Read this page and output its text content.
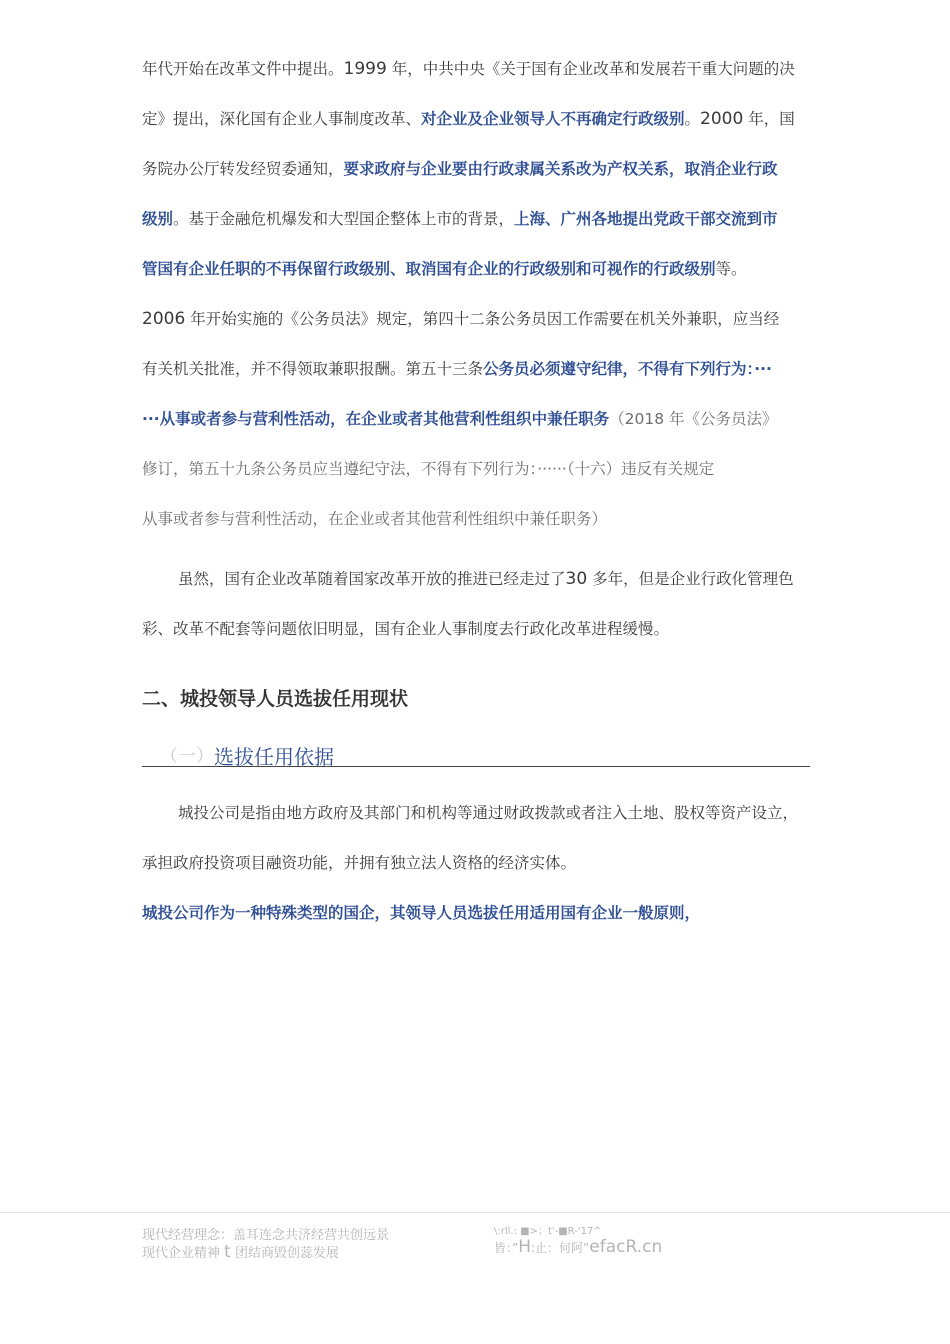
年代开始在改革文件中提出。1999 年，中共中央《关于国有企业改革和发展若干重大问题的决
定》提出，深化国有企业人事制度改革、对企业及企业领导人不再确定行政级别。2000 年，国
务院办公厅转发经贸委通知，要求政府与企业要由行政隶属关系改为产权关系，取消企业行政
级别。基于金融危机爆发和大型国企整体上市的背景，上海、广州各地提出党政干部交流到市
管国有企业任职的不再保留行政级别、取消国有企业的行政级别和可视作的行政级别等。
2006 年开始实施的《公务员法》规定，第四十二条公务员因工作需要在机关外兼职，应当经
有关机关批准，并不得领取兼职报酬。第五十三条公务员必须遵守纪律，不得有下列行为：···
···从事或者参与营利性活动，在企业或者其他营利性组织中兼任职务（2018 年《公务员法》
修订，第五十九条公务员应当遵纪守法，不得有下列行为：······（十六）违反有关规定
从事或者参与营利性活动，在企业或者其他营利性组织中兼任职务）
虽然，国有企业改革随着国家改革开放的推进已经走过了30 多年，但是企业行政化管理色
彩、改革不配套等问题依旧明显，国有企业人事制度去行政化改革进程缓慢。
二、城投领导人员选拔任用现状
（一） 选拔任用依据
城投公司是指由地方政府及其部门和机构等通过财政拨款或者注入土地、股权等资产设立，
承担政府投资项目融资功能，并拥有独立法人资格的经济实体。
城投公司作为一种特殊类型的国企，其领导人员选拔任用适用国有企业一般原则，
现代经营理念：盖耳连念共济经营共创远景
现代企业精神 t 团结商毁创蕊发展
\:rll.: ■>；t'-■R-'17^
皆：”H:止：何阿”efacR.cn
